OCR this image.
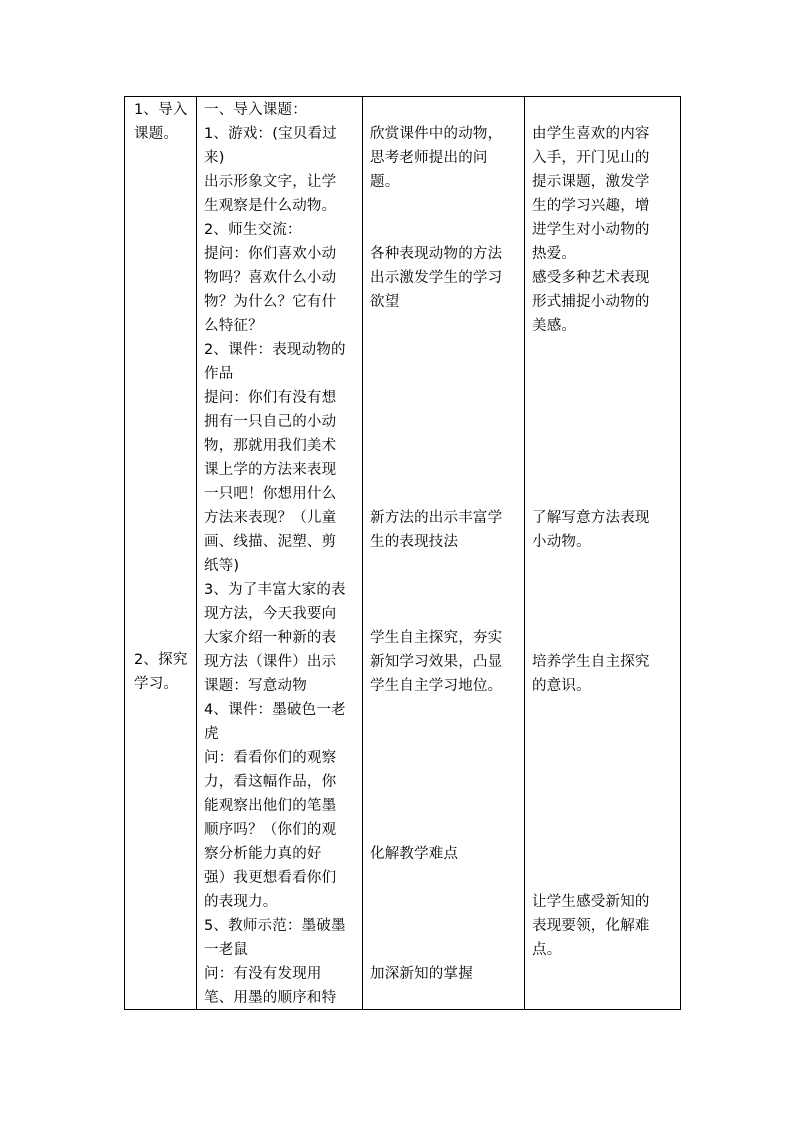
1、导入
课题。
2、探究
学习。
一、导入课题：
1、游戏：(宝贝看过
来)
出示形象文字，让学
生观察是什么动物。
2、师生交流：
提问：你们喜欢小动
物吗？喜欢什么小动
物？为什么？它有什
么特征？
2、课件：表现动物的
作品
提问：你们有没有想
拥有一只自己的小动
物，那就用我们美术
课上学的方法来表现
一只吧！你想用什么
方法来表现？（儿童
画、线描、泥塑、剪
纸等)
3、为了丰富大家的表
现方法，今天我要向
大家介绍一种新的表
现方法（课件）出示
课题：写意动物
4、课件：墨破色一老
虎
问：看看你们的观察
力，看这幅作品，你
能观察出他们的笔墨
顺序吗？（你们的观
察分析能力真的好
强）我更想看看你们
的表现力。
5、教师示范：墨破墨
一老鼠
问：有没有发现用
笔、用墨的顺序和特
欣赏课件中的动物，
思考老师提出的问
题。
各种表现动物的方法
出示激发学生的学习
欲望
新方法的出示丰富学
生的表现技法
学生自主探究，夯实
新知学习效果，凸显
学生自主学习地位。
化解教学难点
加深新知的掌握
由学生喜欢的内容
入手，开门见山的
提示课题，激发学
生的学习兴趣，增
进学生对小动物的
热爱。
感受多种艺术表现
形式捕捉小动物的
美感。
了解写意方法表现
小动物。
培养学生自主探究
的意识。
让学生感受新知的
表现要领，化解难
点。
